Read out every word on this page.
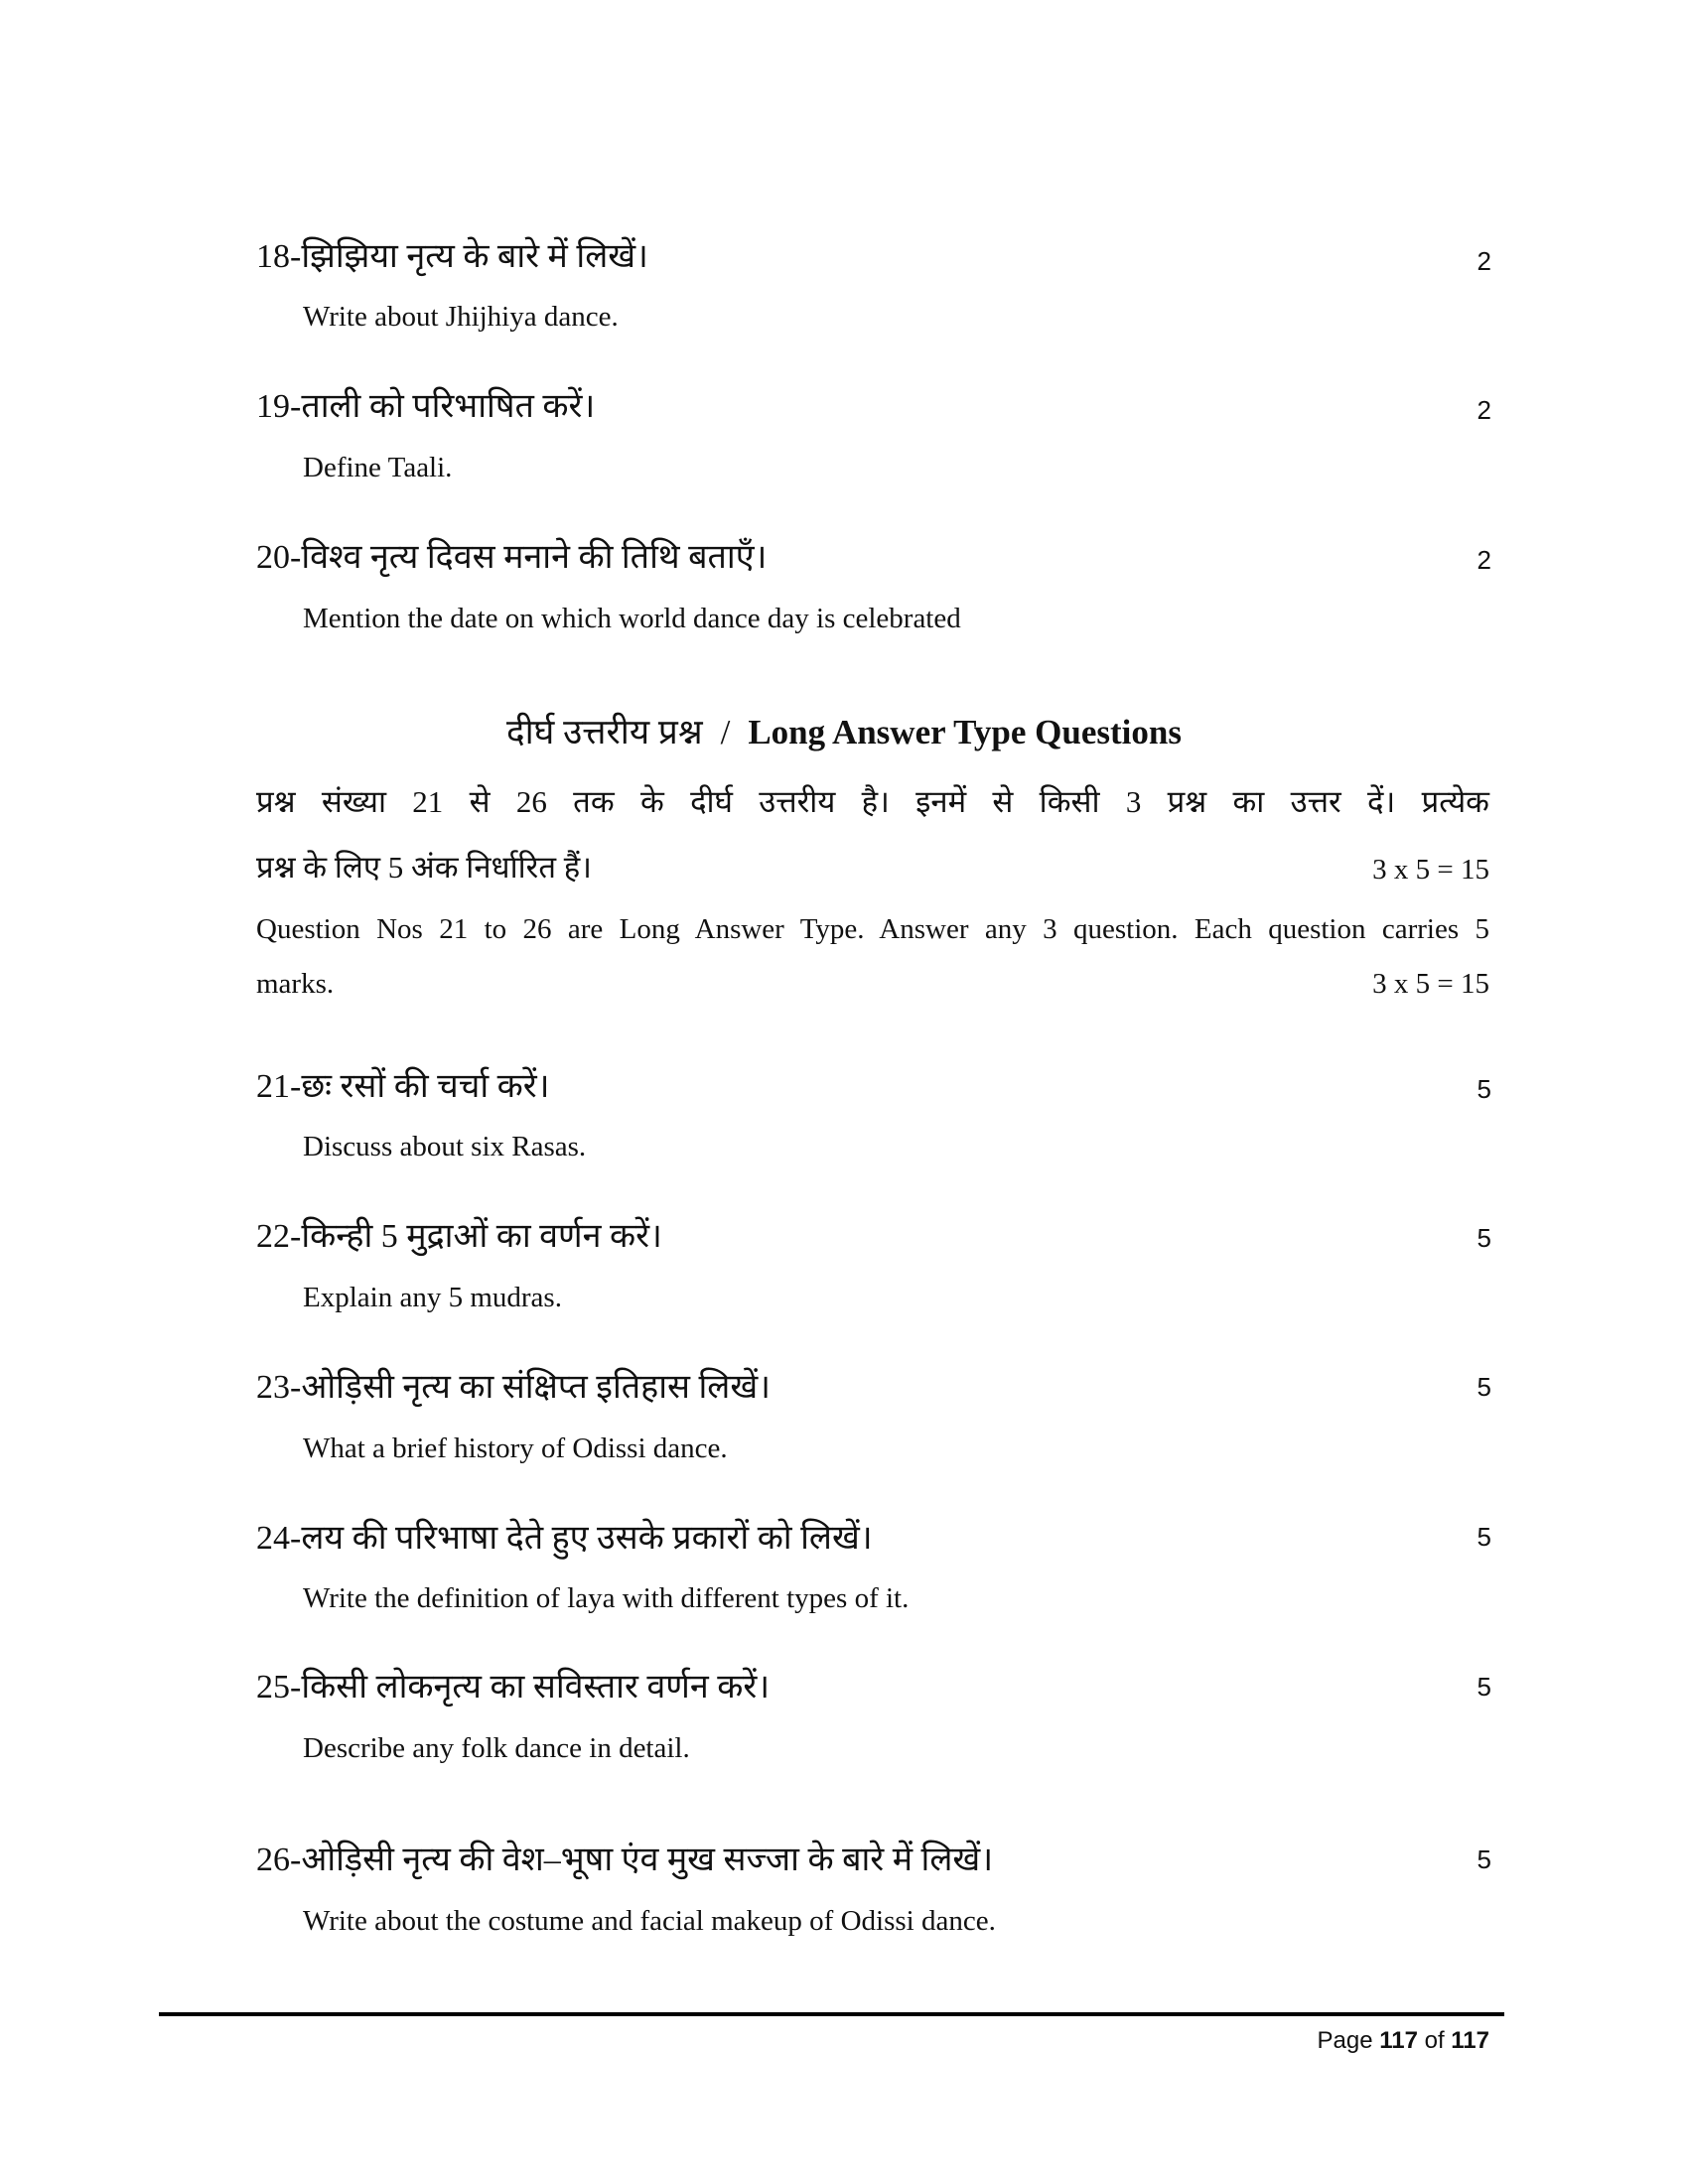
18-झिझिया नृत्य के बारे में लिखें।	2
Write about Jhijhiya dance.
19-ताली को परिभाषित करें।	2
Define Taali.
20-विश्व नृत्य दिवस मनाने की तिथि बताएँ।	2
Mention the date on which world dance day is celebrated
दीर्घ उत्तरीय प्रश्न / Long Answer Type Questions
प्रश्न संख्या 21 से 26 तक के दीर्घ उत्तरीय है। इनमें से किसी 3 प्रश्न का उत्तर दें। प्रत्येक
प्रश्न के लिए 5 अंक निर्धारित हैं।	3 x 5 = 15
Question Nos 21 to 26 are Long Answer Type. Answer any 3 question. Each question carries 5
marks.	3 x 5 = 15
21-छः रसों की चर्चा करें।	5
Discuss about six Rasas.
22-किन्ही 5 मुद्राओं का वर्णन करें।	5
Explain any 5 mudras.
23-ओड़िसी नृत्य का संक्षिप्त इतिहास लिखें।	5
What a brief history of Odissi dance.
24-लय की परिभाषा देते हुए उसके प्रकारों को लिखें।	5
Write the definition of laya with different types of it.
25-किसी लोकनृत्य का सविस्तार वर्णन करें।	5
Describe any folk dance in detail.
26-ओड़िसी नृत्य की वेश–भूषा एंव मुख सज्जा के बारे में लिखें।	5
Write about the costume and facial makeup of Odissi dance.
Page 117 of 117
